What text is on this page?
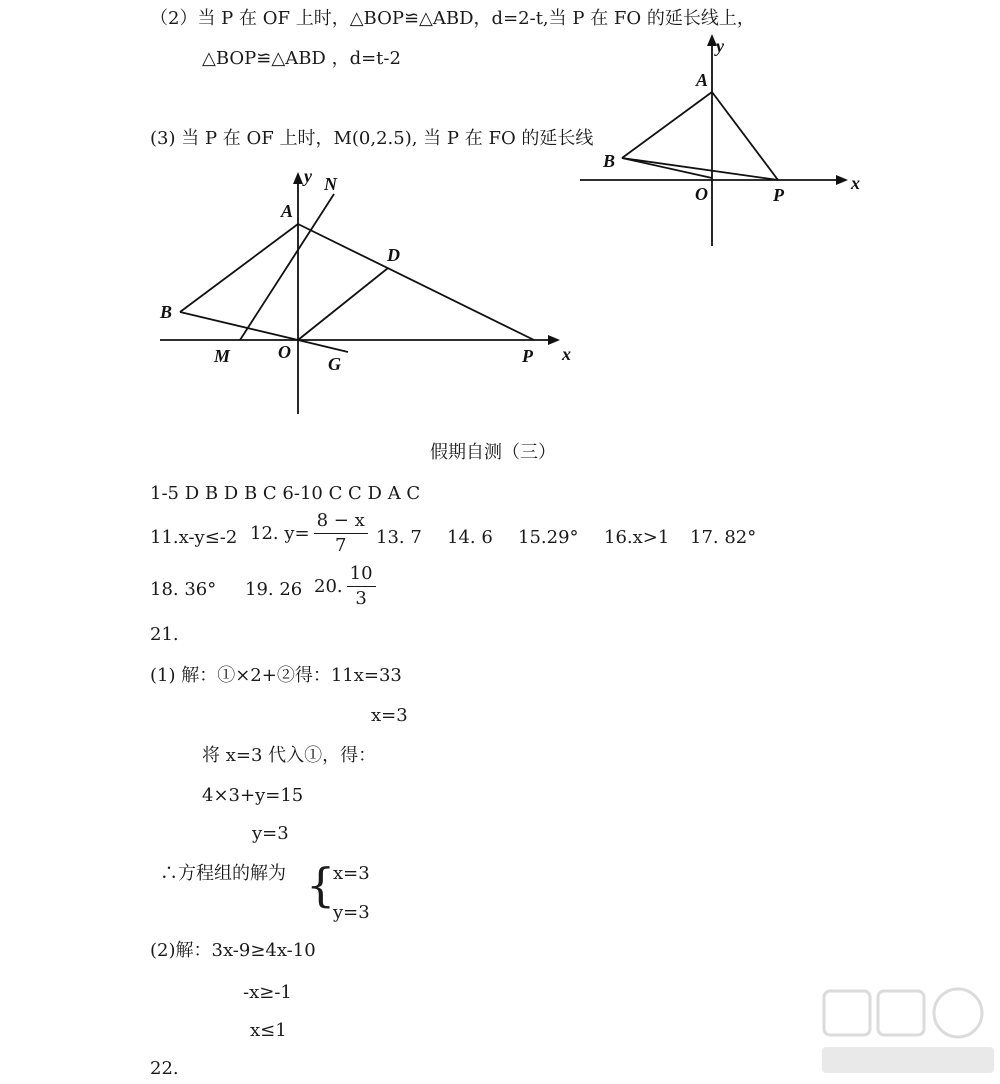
（2）当 P 在 OF 上时，△BOP≌△ABD，d=2-t,当 P 在 FO 的延长线上，
△BOP≌△ABD ，d=t-2
(3) 当 P 在 OF 上时，M(0,2.5), 当 P 在 FO 的延长线
y
A
B
O	P
x
y N
A
D
B
M	O
G	P x
假期自测（三）
1-5 D B D B C 6-10 C C D A C
11.x-y≤-2 12. $y= \frac{8 - x}{7} 13$. 7 14. 6 15.29° 16.x>1 17. 82°
18. 36° 19. 26 20. $\frac{10}{3}$
21.
(1) 解：①×2+②得：11x=33
x=3
将 x=3 代入①，得：
4×3+y=15
y=3
∴方程组的解为 {
x=3
y=3
(2)解：3x-9≥4x-10
-x≥-1
x≤1
22.
